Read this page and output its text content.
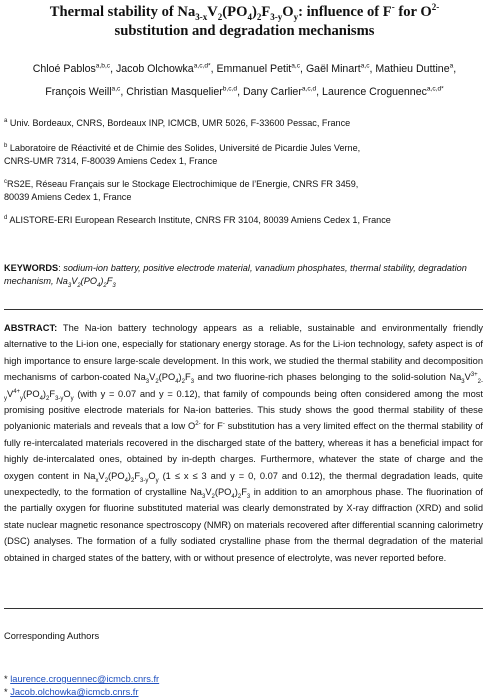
Thermal stability of $Na_{3-x}V_2(PO_4)_2F_{3-y}O_y$: influence of F- for $O^{2-}$
substitution and degradation mechanisms
Chloé Pablos$^{a,b,c}$, Jacob Olchowka$^{a,c,d*}$, Emmanuel Petit$^{a,c}$, Gaël Minart$^{a,c}$, Mathieu Duttine$^a$,
François Weill$^{a,c}$, Christian Masquelier$^{b,c,d}$, Dany Carlier$^{a,c,d}$, Laurence Croguennec$^{a,c,d*}$
$^a$ Univ. Bordeaux, CNRS, Bordeaux INP, ICMCB, UMR 5026, F-33600 Pessac, France
$^b$ Laboratoire de Réactivité et de Chimie des Solides, Université de Picardie Jules Verne,
CNRS-UMR 7314, F-80039 Amiens Cedex 1, France
$^c$RS2E, Réseau Français sur le Stockage Electrochimique de l’Energie, CNRS FR 3459,
80039 Amiens Cedex 1, France
$^d$ ALISTORE-ERI European Research Institute, CNRS FR 3104, 80039 Amiens Cedex 1, France
KEYWORDS: sodium-ion battery, positive electrode material, vanadium phosphates, thermal stability, degradation mechanism, $Na_3V_2(PO_4)_2F_3$
ABSTRACT: The Na-ion battery technology appears as a reliable, sustainable and environmentally friendly alternative to the Li-ion one, especially for stationary energy storage. As for the Li-ion technology, safety aspect is of high importance to ensure large-scale development. In this work, we studied the thermal stability and decomposition mechanisms of carbon-coated $Na_3V_2(PO_4)_2F_3$ and two fluorine-rich phases belonging to the solid-solution $Na_3V^{3+}_{2-y}V^{4+}_y(PO_4)_2F_{3-y}O_y$ (with y = 0.07 and y = 0.12), that family of compounds being often considered among the most promising positive electrode materials for Na-ion batteries. This study shows the good thermal stability of these polyanionic materials and reveals that a low $O^{2-}$ for F- substitution has a very limited effect on the thermal stability of fully re-intercalated materials recovered in the discharged state of the battery, whereas it has a beneficial impact for highly de-intercalated ones, obtained by in-depth charges. Furthermore, whatever the state of charge and the oxygen content in $Na_xV_2(PO_4)_2F_{3-y}O_y$ (1 ≤ x ≤ 3 and y = 0, 0.07 and 0.12), the thermal degradation leads, quite unexpectedly, to the formation of crystalline $Na_3V_2(PO_4)_2F_3$ in addition to an amorphous phase. The fluorination of the partially oxygen for fluorine substituted material was clearly demonstrated by X-ray diffraction (XRD) and solid state nuclear magnetic resonance spectroscopy (NMR) on materials recovered after differential scanning calorimetry (DSC) analyses. The formation of a fully sodiated crystalline phase from the thermal degradation of the material obtained in charged states of the battery, with or without presence of electrolyte, was never reported before.
Corresponding Authors
* laurence.croguennec@icmcb.cnrs.fr
* Jacob.olchowka@icmcb.cnrs.fr
